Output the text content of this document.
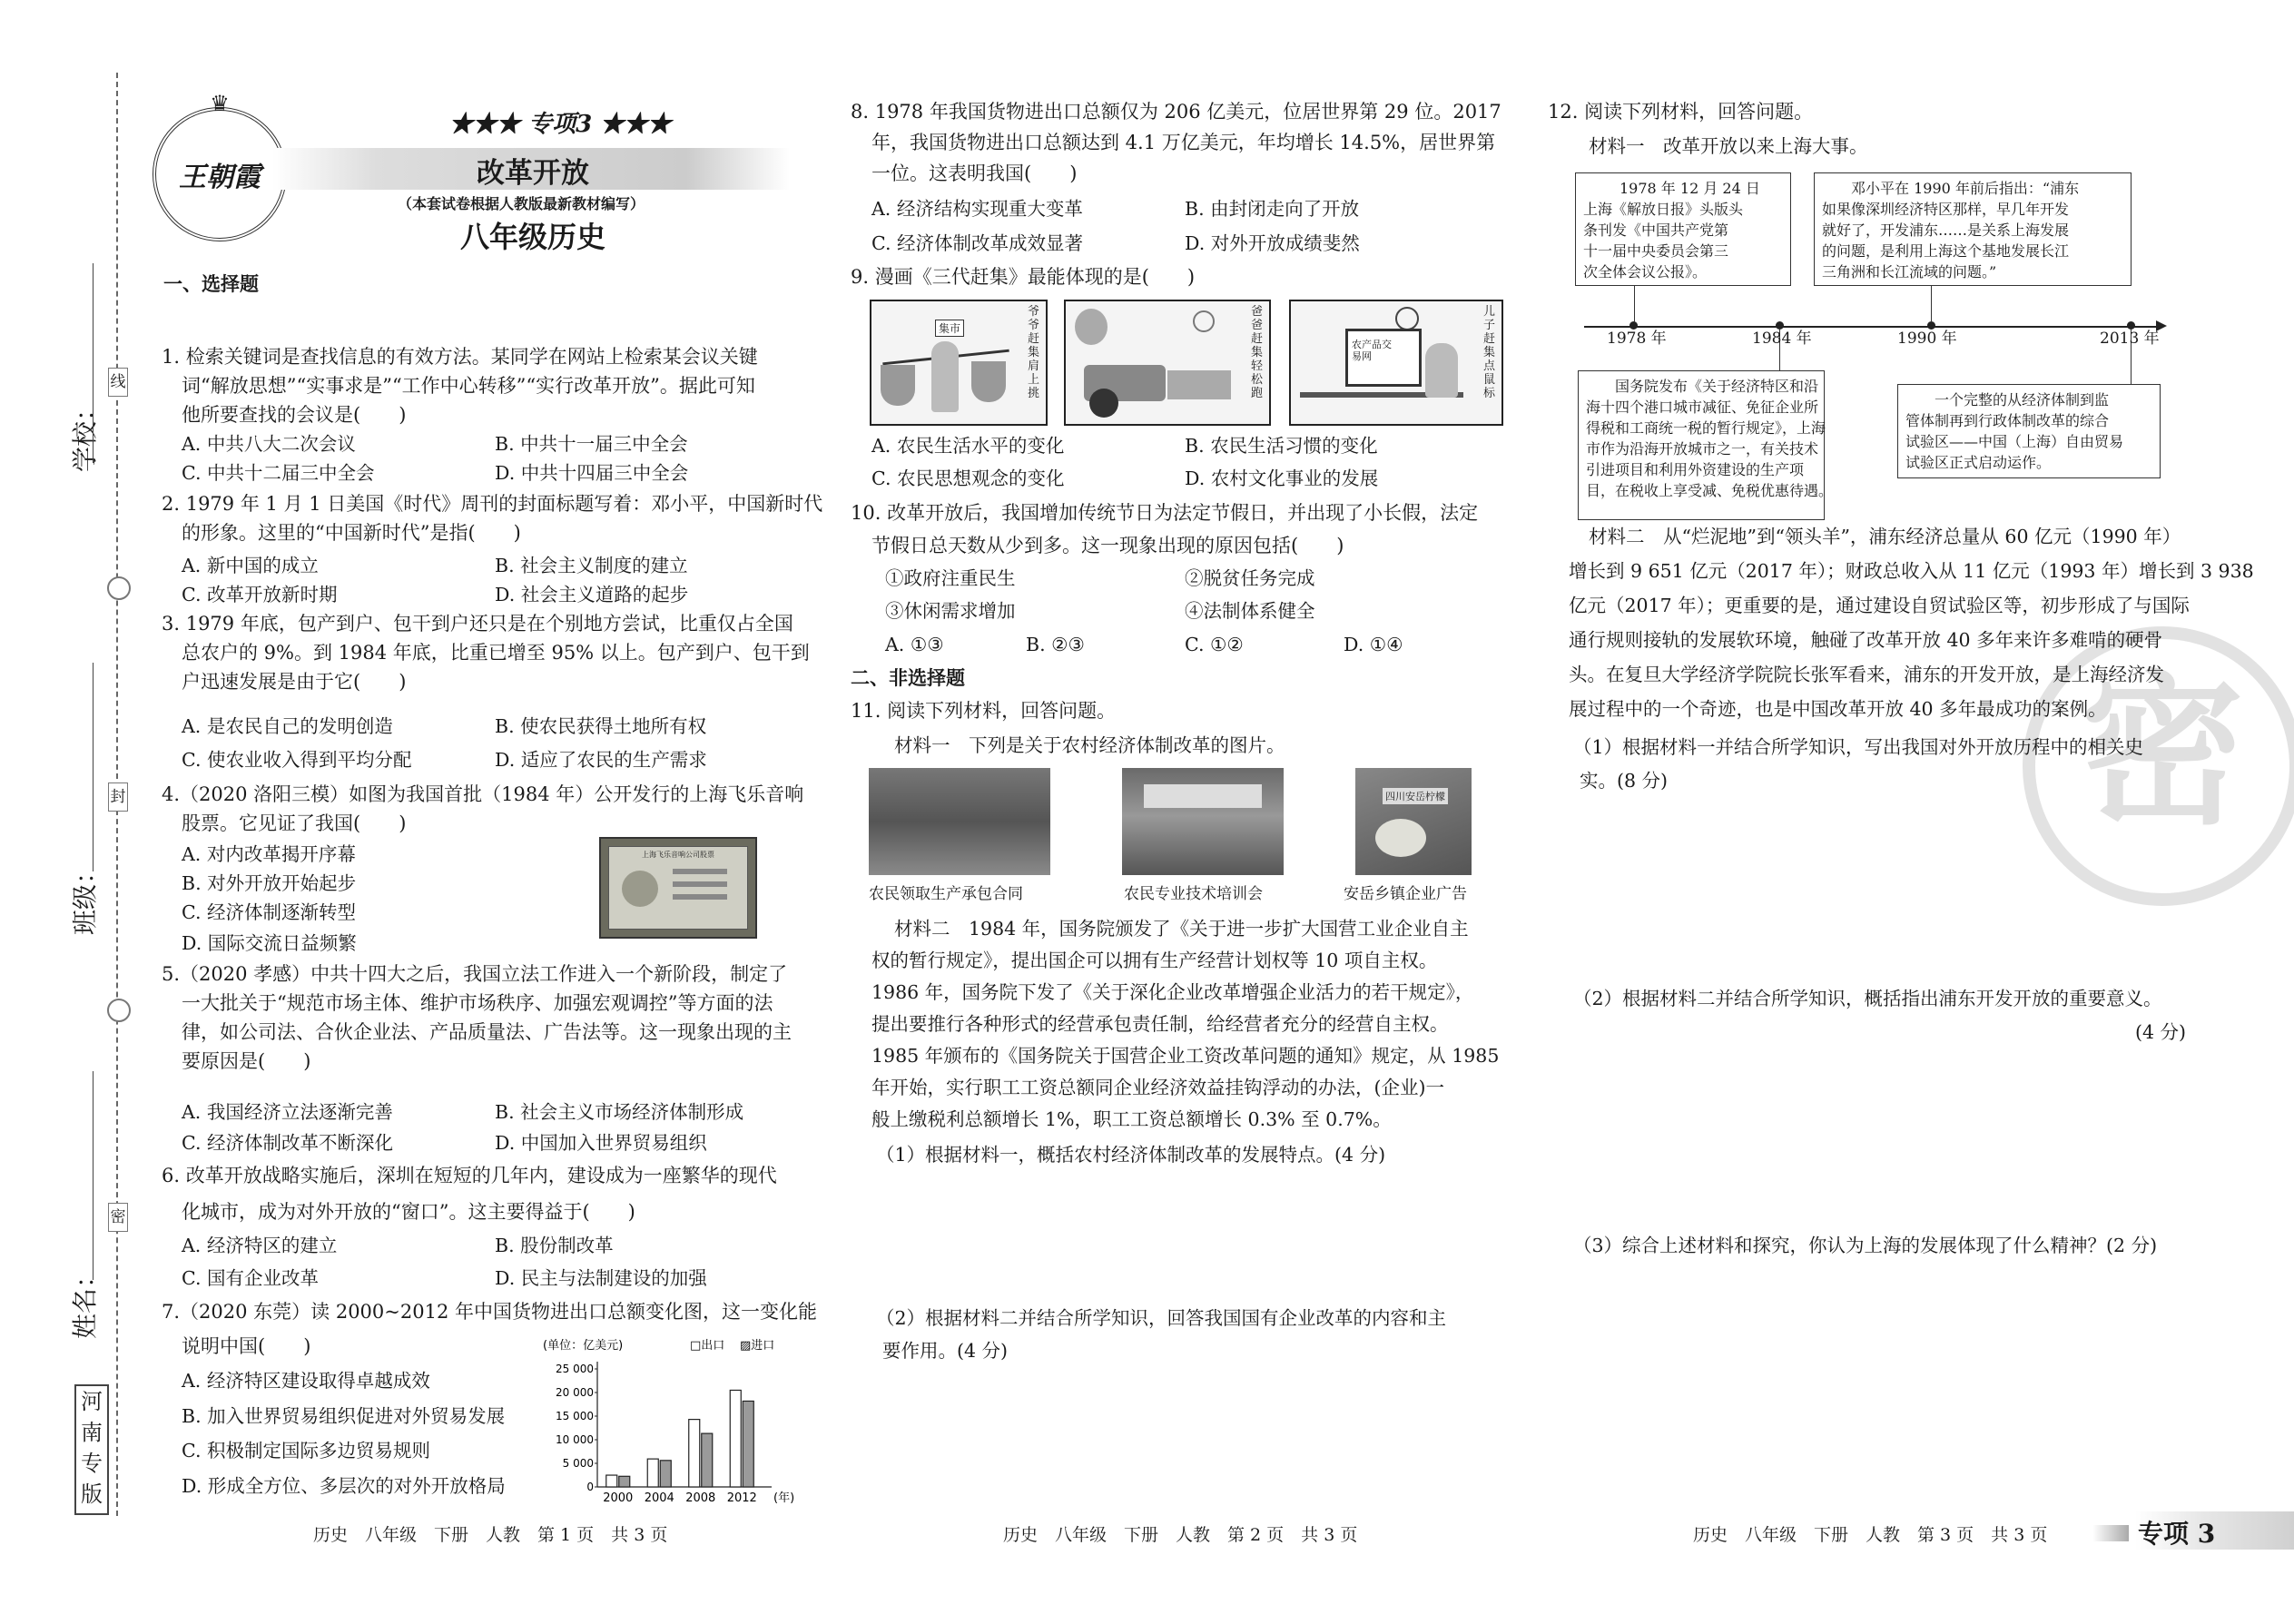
线
封
密
学校：
班级：
姓名：
河
南
专
版
♛
王朝霞
★★★ 专项3 ★★★
改革开放
（本套试卷根据人教版最新教材编写）
八年级历史
一、选择题
1. 检索关键词是查找信息的有效方法。某同学在网站上检索某会议关键
词“解放思想”“实事求是”“工作中心转移”“实行改革开放”。据此可知
他所要查找的会议是(　　)
A. 中共八大二次会议	B. 中共十一届三中全会
C. 中共十二届三中全会	D. 中共十四届三中全会
2. 1979 年 1 月 1 日美国《时代》周刊的封面标题写着：邓小平，中国新时代
的形象。这里的“中国新时代”是指(　　)
A. 新中国的成立	B. 社会主义制度的建立
C. 改革开放新时期	D. 社会主义道路的起步
3. 1979 年底，包产到户、包干到户还只是在个别地方尝试，比重仅占全国
总农户的 9%。到 1984 年底，比重已增至 95% 以上。包产到户、包干到
户迅速发展是由于它(　　)
A. 是农民自己的发明创造	B. 使农民获得土地所有权
C. 使农业收入得到平均分配	D. 适应了农民的生产需求
4.（2020 洛阳三模）如图为我国首批（1984 年）公开发行的上海飞乐音响
股票。它见证了我国(　　)
A. 对内改革揭开序幕
B. 对外开放开始起步
C. 经济体制逐渐转型
D. 国际交流日益频繁
上海飞乐音响公司股票
5.（2020 孝感）中共十四大之后，我国立法工作进入一个新阶段，制定了
一大批关于“规范市场主体、维护市场秩序、加强宏观调控”等方面的法
律，如公司法、合伙企业法、产品质量法、广告法等。这一现象出现的主
要原因是(　　)
A. 我国经济立法逐渐完善	B. 社会主义市场经济体制形成
C. 经济体制改革不断深化	D. 中国加入世界贸易组织
6. 改革开放战略实施后，深圳在短短的几年内，建设成为一座繁华的现代
化城市，成为对外开放的“窗口”。这主要得益于(　　)
A. 经济特区的建立	B. 股份制改革
C. 国有企业改革	D. 民主与法制建设的加强
7.（2020 东莞）读 2000~2012 年中国货物进出口总额变化图，这一变化能
说明中国(　　)
A. 经济特区建设取得卓越成效
B. 加入世界贸易组织促进对外贸易发展
C. 积极制定国际多边贸易规则
D. 形成全方位、多层次的对外开放格局
(单位：亿美元)	□出口 ▨进口
0
5 000
10 000
15 000
20 000
25 000
2000 2004 2008 2012 (年)
历史　八年级　下册　人教　第 1 页　共 3 页
8. 1978 年我国货物进出口总额仅为 206 亿美元，位居世界第 29 位。2017
年，我国货物进出口总额达到 4.1 万亿美元，年均增长 14.5%，居世界第
一位。这表明我国(　　)
A. 经济结构实现重大变革	B. 由封闭走向了开放
C. 经济体制改革成效显著	D. 对外开放成绩斐然
9. 漫画《三代赶集》最能体现的是(　　)
集市
爷爷赶集肩上挑
爸爸赶集轻松跑
农产品交易网
儿子赶集点鼠标
A. 农民生活水平的变化	B. 农民生活习惯的变化
C. 农民思想观念的变化	D. 农村文化事业的发展
10. 改革开放后，我国增加传统节日为法定节假日，并出现了小长假，法定
节假日总天数从少到多。这一现象出现的原因包括(　　)
①政府注重民生	②脱贫任务完成
③休闲需求增加	④法制体系健全
A. ①③	B. ②③	C. ①②	D. ①④
二、非选择题
11. 阅读下列材料，回答问题。
材料一　下列是关于农村经济体制改革的图片。
四川安岳柠檬
农民领取生产承包合同	农民专业技术培训会	安岳乡镇企业广告
材料二　1984 年，国务院颁发了《关于进一步扩大国营工业企业自主
权的暂行规定》，提出国企可以拥有生产经营计划权等 10 项自主权。
1986 年，国务院下发了《关于深化企业改革增强企业活力的若干规定》，
提出要推行各种形式的经营承包责任制，给经营者充分的经营自主权。
1985 年颁布的《国务院关于国营企业工资改革问题的通知》规定，从 1985
年开始，实行职工工资总额同企业经济效益挂钩浮动的办法，(企业)一
般上缴税利总额增长 1%，职工工资总额增长 0.3% 至 0.7%。
（1）根据材料一，概括农村经济体制改革的发展特点。(4 分)
（2）根据材料二并结合所学知识，回答我国国有企业改革的内容和主
要作用。(4 分)
历史　八年级　下册　人教　第 2 页　共 3 页
密
12. 阅读下列材料，回答问题。
材料一　改革开放以来上海大事。
1978 年 12 月 24 日
上海《解放日报》头版头
条刊发《中国共产党第
十一届中央委员会第三
次全体会议公报》。
邓小平在 1990 年前后指出：“浦东
如果像深圳经济特区那样，早几年开发
就好了，开发浦东……是关系上海发展
的问题，是利用上海这个基地发展长江
三角洲和长江流域的问题。”
1978 年	1984 年	1990 年	2013 年
国务院发布《关于经济特区和沿
海十四个港口城市减征、免征企业所
得税和工商统一税的暂行规定》，上海
市作为沿海开放城市之一，有关技术
引进项目和利用外资建设的生产项
目，在税收上享受减、免税优惠待遇。
一个完整的从经济体制到监
管体制再到行政体制改革的综合
试验区——中国（上海）自由贸易
试验区正式启动运作。
材料二　从“烂泥地”到“领头羊”，浦东经济总量从 60 亿元（1990 年）
增长到 9 651 亿元（2017 年）；财政总收入从 11 亿元（1993 年）增长到 3 938
亿元（2017 年）；更重要的是，通过建设自贸试验区等，初步形成了与国际
通行规则接轨的发展软环境，触碰了改革开放 40 多年来许多难啃的硬骨
头。在复旦大学经济学院院长张军看来，浦东的开发开放，是上海经济发
展过程中的一个奇迹，也是中国改革开放 40 多年最成功的案例。
（1）根据材料一并结合所学知识，写出我国对外开放历程中的相关史
实。(8 分)
（2）根据材料二并结合所学知识，概括指出浦东开发开放的重要意义。
(4 分)
（3）综合上述材料和探究，你认为上海的发展体现了什么精神？(2 分)
历史　八年级　下册　人教　第 3 页　共 3 页	专项 3
